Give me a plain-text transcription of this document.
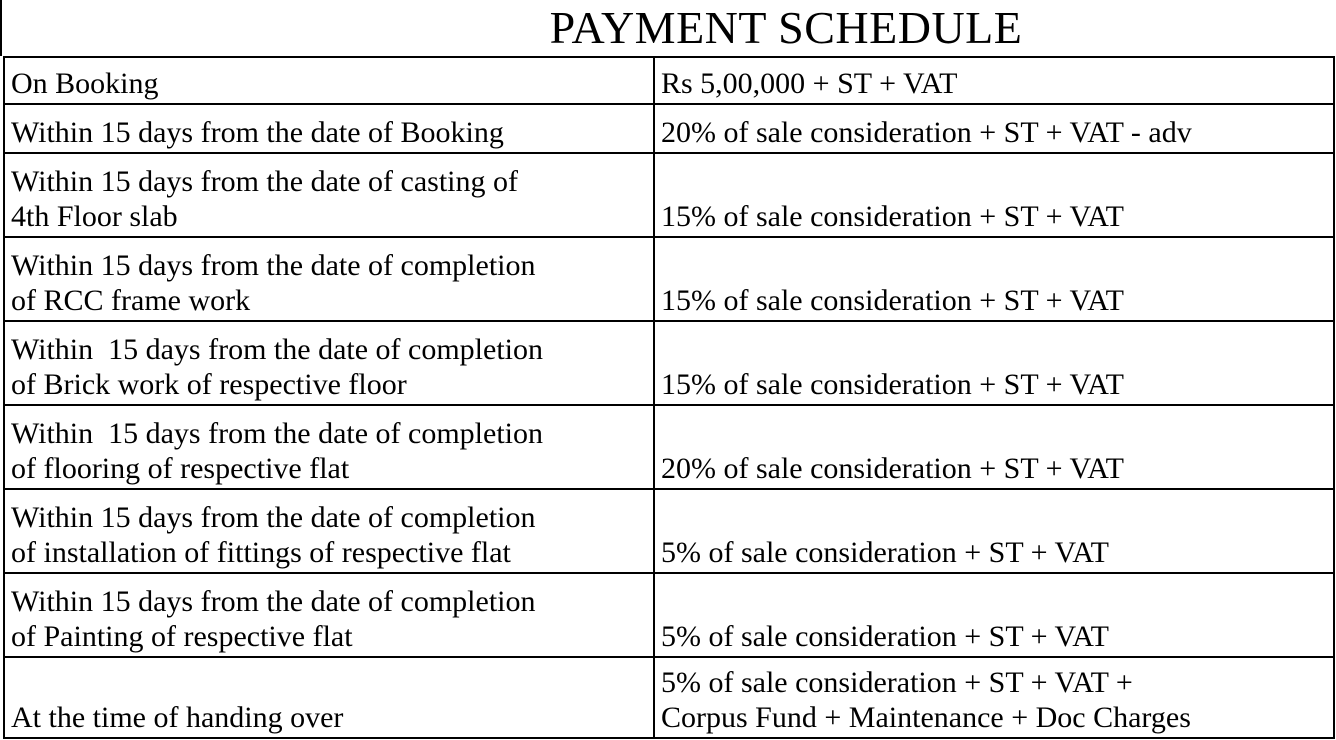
PAYMENT SCHEDULE
On Booking	Rs 5,00,000 + ST + VAT

Within 15 days from the date of Booking	20% of sale consideration + ST + VAT - adv

Within 15 days from the date of casting of
4th Floor slab	15% of sale consideration + ST + VAT

Within 15 days from the date of completion
of RCC frame work	15% of sale consideration + ST + VAT

Within  15 days from the date of completion
of Brick work of respective floor	15% of sale consideration + ST + VAT

Within  15 days from the date of completion
of flooring of respective flat	20% of sale consideration + ST + VAT

Within 15 days from the date of completion
of installation of fittings of respective flat	5% of sale consideration + ST + VAT

Within 15 days from the date of completion
of Painting of respective flat	5% of sale consideration + ST + VAT

At the time of handing over	5% of sale consideration + ST + VAT +
Corpus Fund + Maintenance + Doc Charges
